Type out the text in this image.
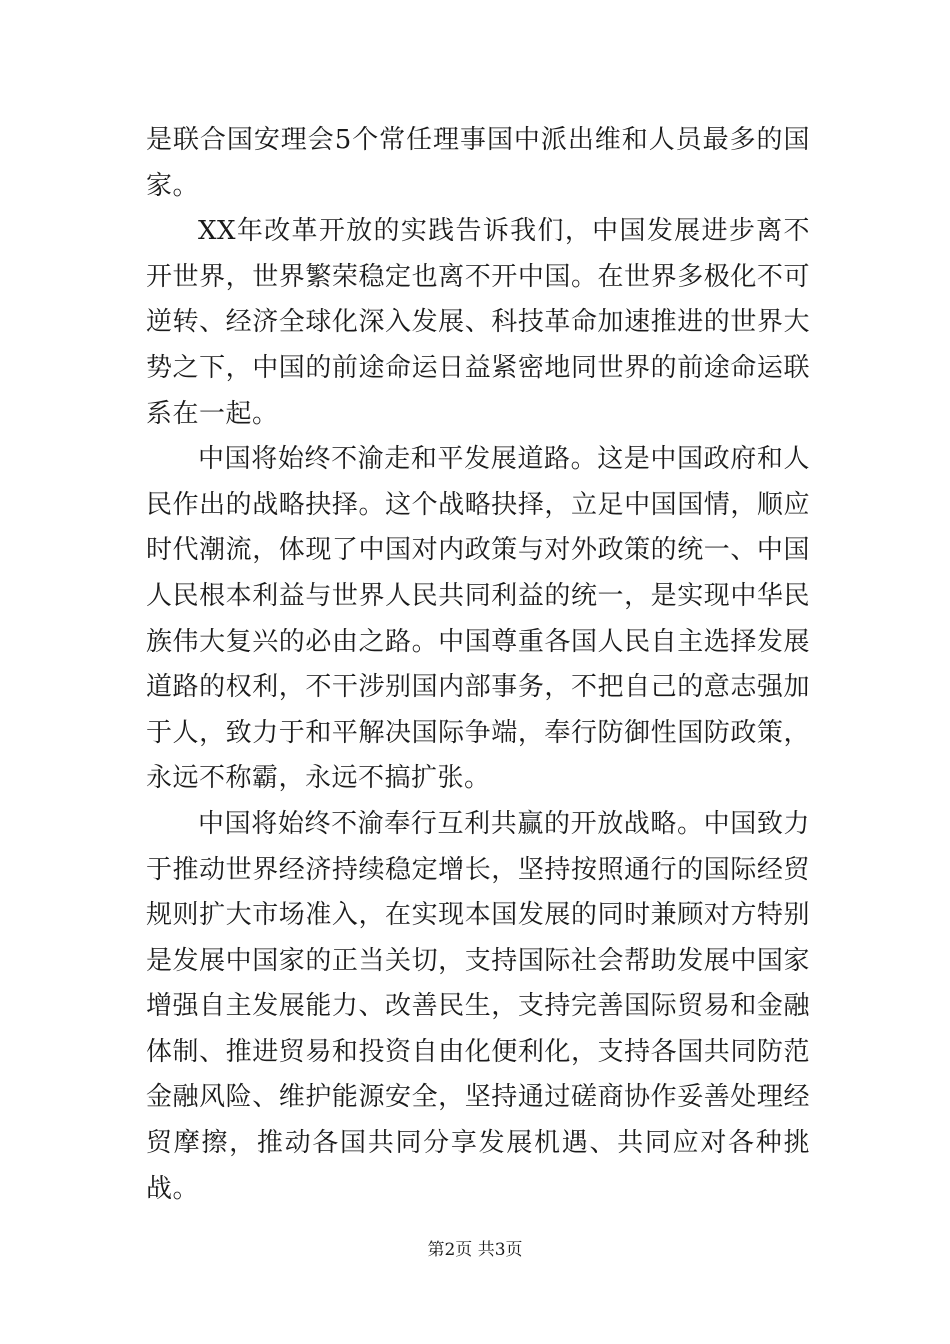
是联合国安理会5个常任理事国中派出维和人员最多的国家。

XX年改革开放的实践告诉我们，中国发展进步离不开世界，世界繁荣稳定也离不开中国。在世界多极化不可逆转、经济全球化深入发展、科技革命加速推进的世界大势之下，中国的前途命运日益紧密地同世界的前途命运联系在一起。

中国将始终不渝走和平发展道路。这是中国政府和人民作出的战略抉择。这个战略抉择，立足中国国情，顺应时代潮流，体现了中国对内政策与对外政策的统一、中国人民根本利益与世界人民共同利益的统一，是实现中华民族伟大复兴的必由之路。中国尊重各国人民自主选择发展道路的权利，不干涉别国内部事务，不把自己的意志强加于人，致力于和平解决国际争端，奉行防御性国防政策，永远不称霸，永远不搞扩张。

中国将始终不渝奉行互利共赢的开放战略。中国致力于推动世界经济持续稳定增长，坚持按照通行的国际经贸规则扩大市场准入，在实现本国发展的同时兼顾对方特别是发展中国家的正当关切，支持国际社会帮助发展中国家增强自主发展能力、改善民生，支持完善国际贸易和金融体制、推进贸易和投资自由化便利化，支持各国共同防范金融风险、维护能源安全，坚持通过磋商协作妥善处理经贸摩擦，推动各国共同分享发展机遇、共同应对各种挑战。

第2页 共3页
